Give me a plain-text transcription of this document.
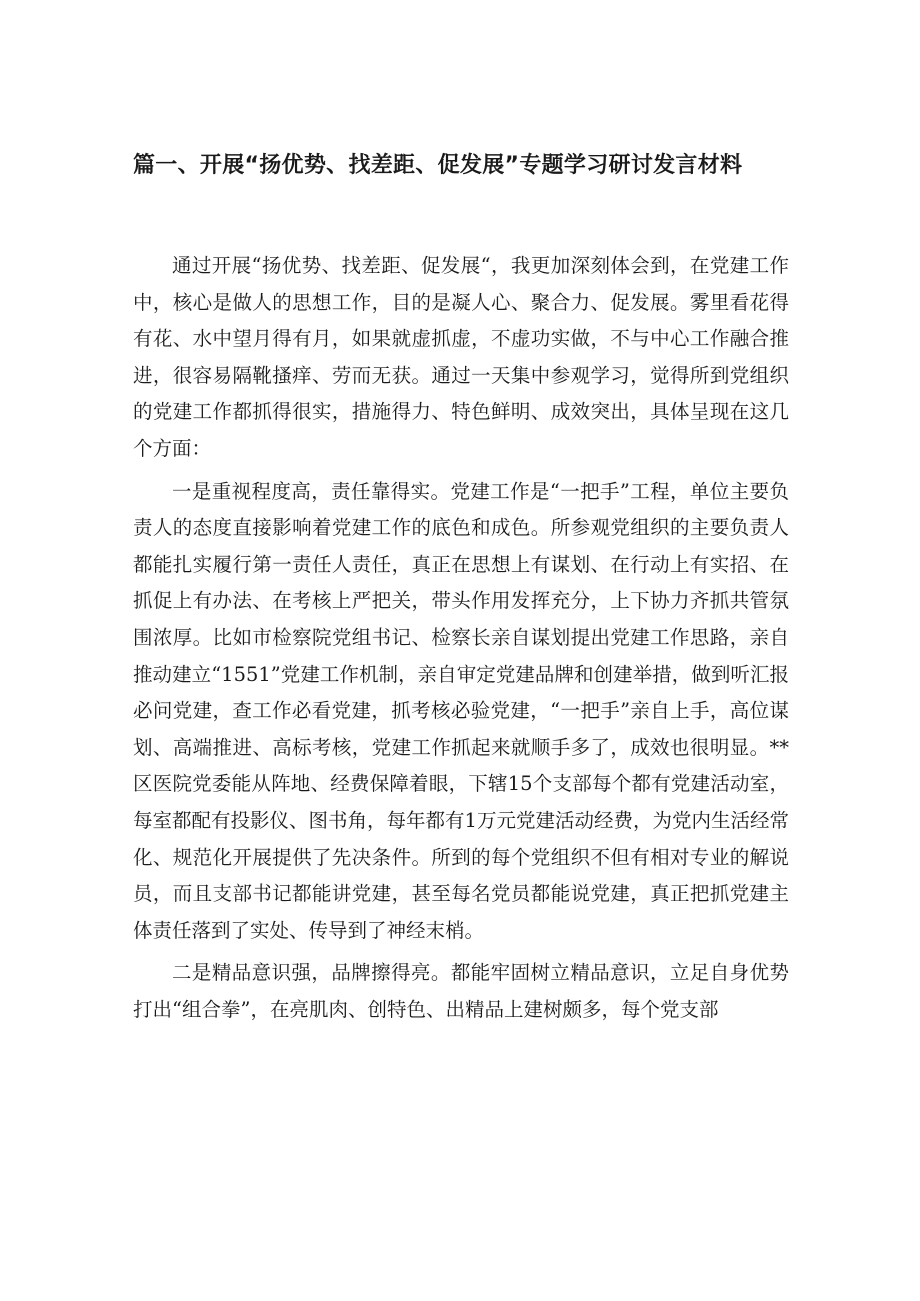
篇一、开展“扬优势、找差距、促发展”专题学习研讨发言材料

通过开展“扬优势、找差距、促发展“，我更加深刻体会到，在党建工作中，核心是做人的思想工作，目的是凝人心、聚合力、促发展。雾里看花得有花、水中望月得有月，如果就虚抓虚，不虚功实做，不与中心工作融合推进，很容易隔靴搔痒、劳而无获。通过一天集中参观学习，觉得所到党组织的党建工作都抓得很实，措施得力、特色鲜明、成效突出，具体呈现在这几个方面：

一是重视程度高，责任靠得实。党建工作是“一把手”工程，单位主要负责人的态度直接影响着党建工作的底色和成色。所参观党组织的主要负责人都能扎实履行第一责任人责任，真正在思想上有谋划、在行动上有实招、在抓促上有办法、在考核上严把关，带头作用发挥充分，上下协力齐抓共管氛围浓厚。比如市检察院党组书记、检察长亲自谋划提出党建工作思路，亲自推动建立“1551”党建工作机制，亲自审定党建品牌和创建举措，做到听汇报必问党建，查工作必看党建，抓考核必验党建，“一把手”亲自上手，高位谋划、高端推进、高标考核，党建工作抓起来就顺手多了，成效也很明显。**区医院党委能从阵地、经费保障着眼，下辖15个支部每个都有党建活动室，每室都配有投影仪、图书角，每年都有1万元党建活动经费，为党内生活经常化、规范化开展提供了先决条件。所到的每个党组织不但有相对专业的解说员，而且支部书记都能讲党建，甚至每名党员都能说党建，真正把抓党建主体责任落到了实处、传导到了神经末梢。

二是精品意识强，品牌擦得亮。都能牢固树立精品意识，立足自身优势打出“组合拳”，在亮肌肉、创特色、出精品上建树颇多，每个党支部
